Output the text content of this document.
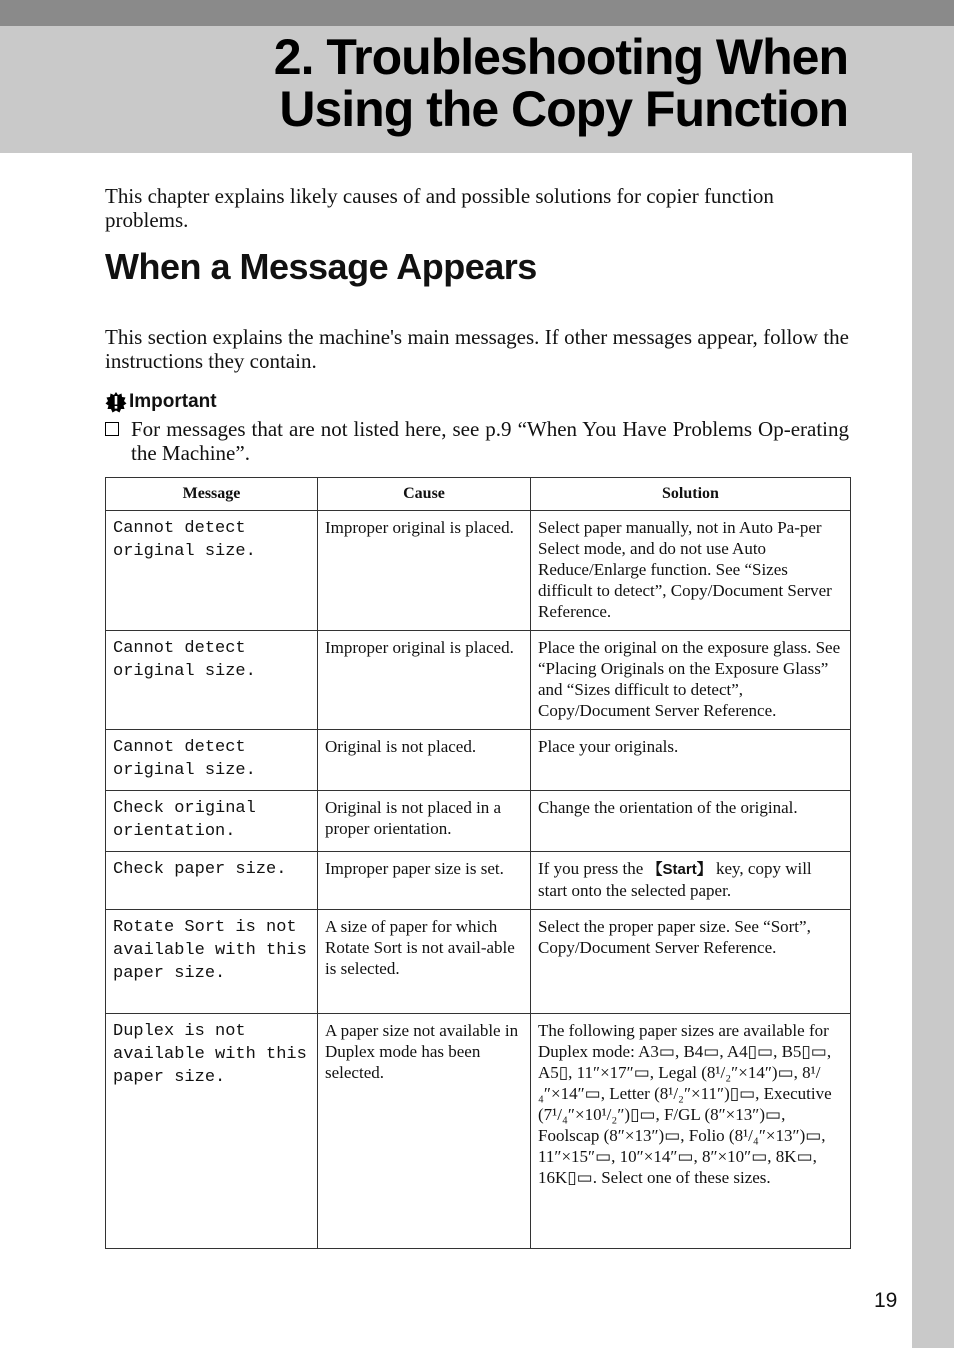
2. Troubleshooting When
Using the Copy Function

This chapter explains likely causes of and possible solutions for copier function problems.

When a Message Appears

This section explains the machine's main messages. If other messages appear, follow the instructions they contain.

Important
For messages that are not listed here, see p.9 “When You Have Problems Op-erating the Machine”.
Message	Cause	Solution
Cannot detect original size.	Improper original is placed.	Select paper manually, not in Auto Pa-per Select mode, and do not use Auto Reduce/Enlarge function. See “Sizes difficult to detect”, Copy/Document Server Reference.
Cannot detect original size.	Improper original is placed.	Place the original on the exposure glass. See “Placing Originals on the Exposure Glass” and “Sizes difficult to detect”, Copy/Document Server Reference.
Cannot detect original size.	Original is not placed.	Place your originals.
Check original orientation.	Original is not placed in a proper orientation.	Change the orientation of the original.
Check paper size.	Improper paper size is set.	If you press the 【Start】 key, copy will start onto the selected paper.
Rotate Sort is not available with this paper size.	A size of paper for which Rotate Sort is not avail-able is selected.	Select the proper paper size. See “Sort”, Copy/Document Server Reference.
Duplex is not available with this paper size.	A paper size not available in Duplex mode has been selected.	The following paper sizes are available for Duplex mode: A3▭, B4▭, A4▯▭, B5▯▭, A5▯, 11″×17″▭, Legal (8¹/₂″×14″)▭, 8¹/₄″×14″▭, Letter (8¹/₂″×11″)▯▭, Executive (7¹/₄″×10¹/₂″)▯▭, F/GL (8″×13″)▭, Foolscap (8″×13″)▭, Folio (8¹/₄″×13″)▭, 11″×15″▭, 10″×14″▭, 8″×10″▭, 8K▭, 16K▯▭. Select one of these sizes.
19
